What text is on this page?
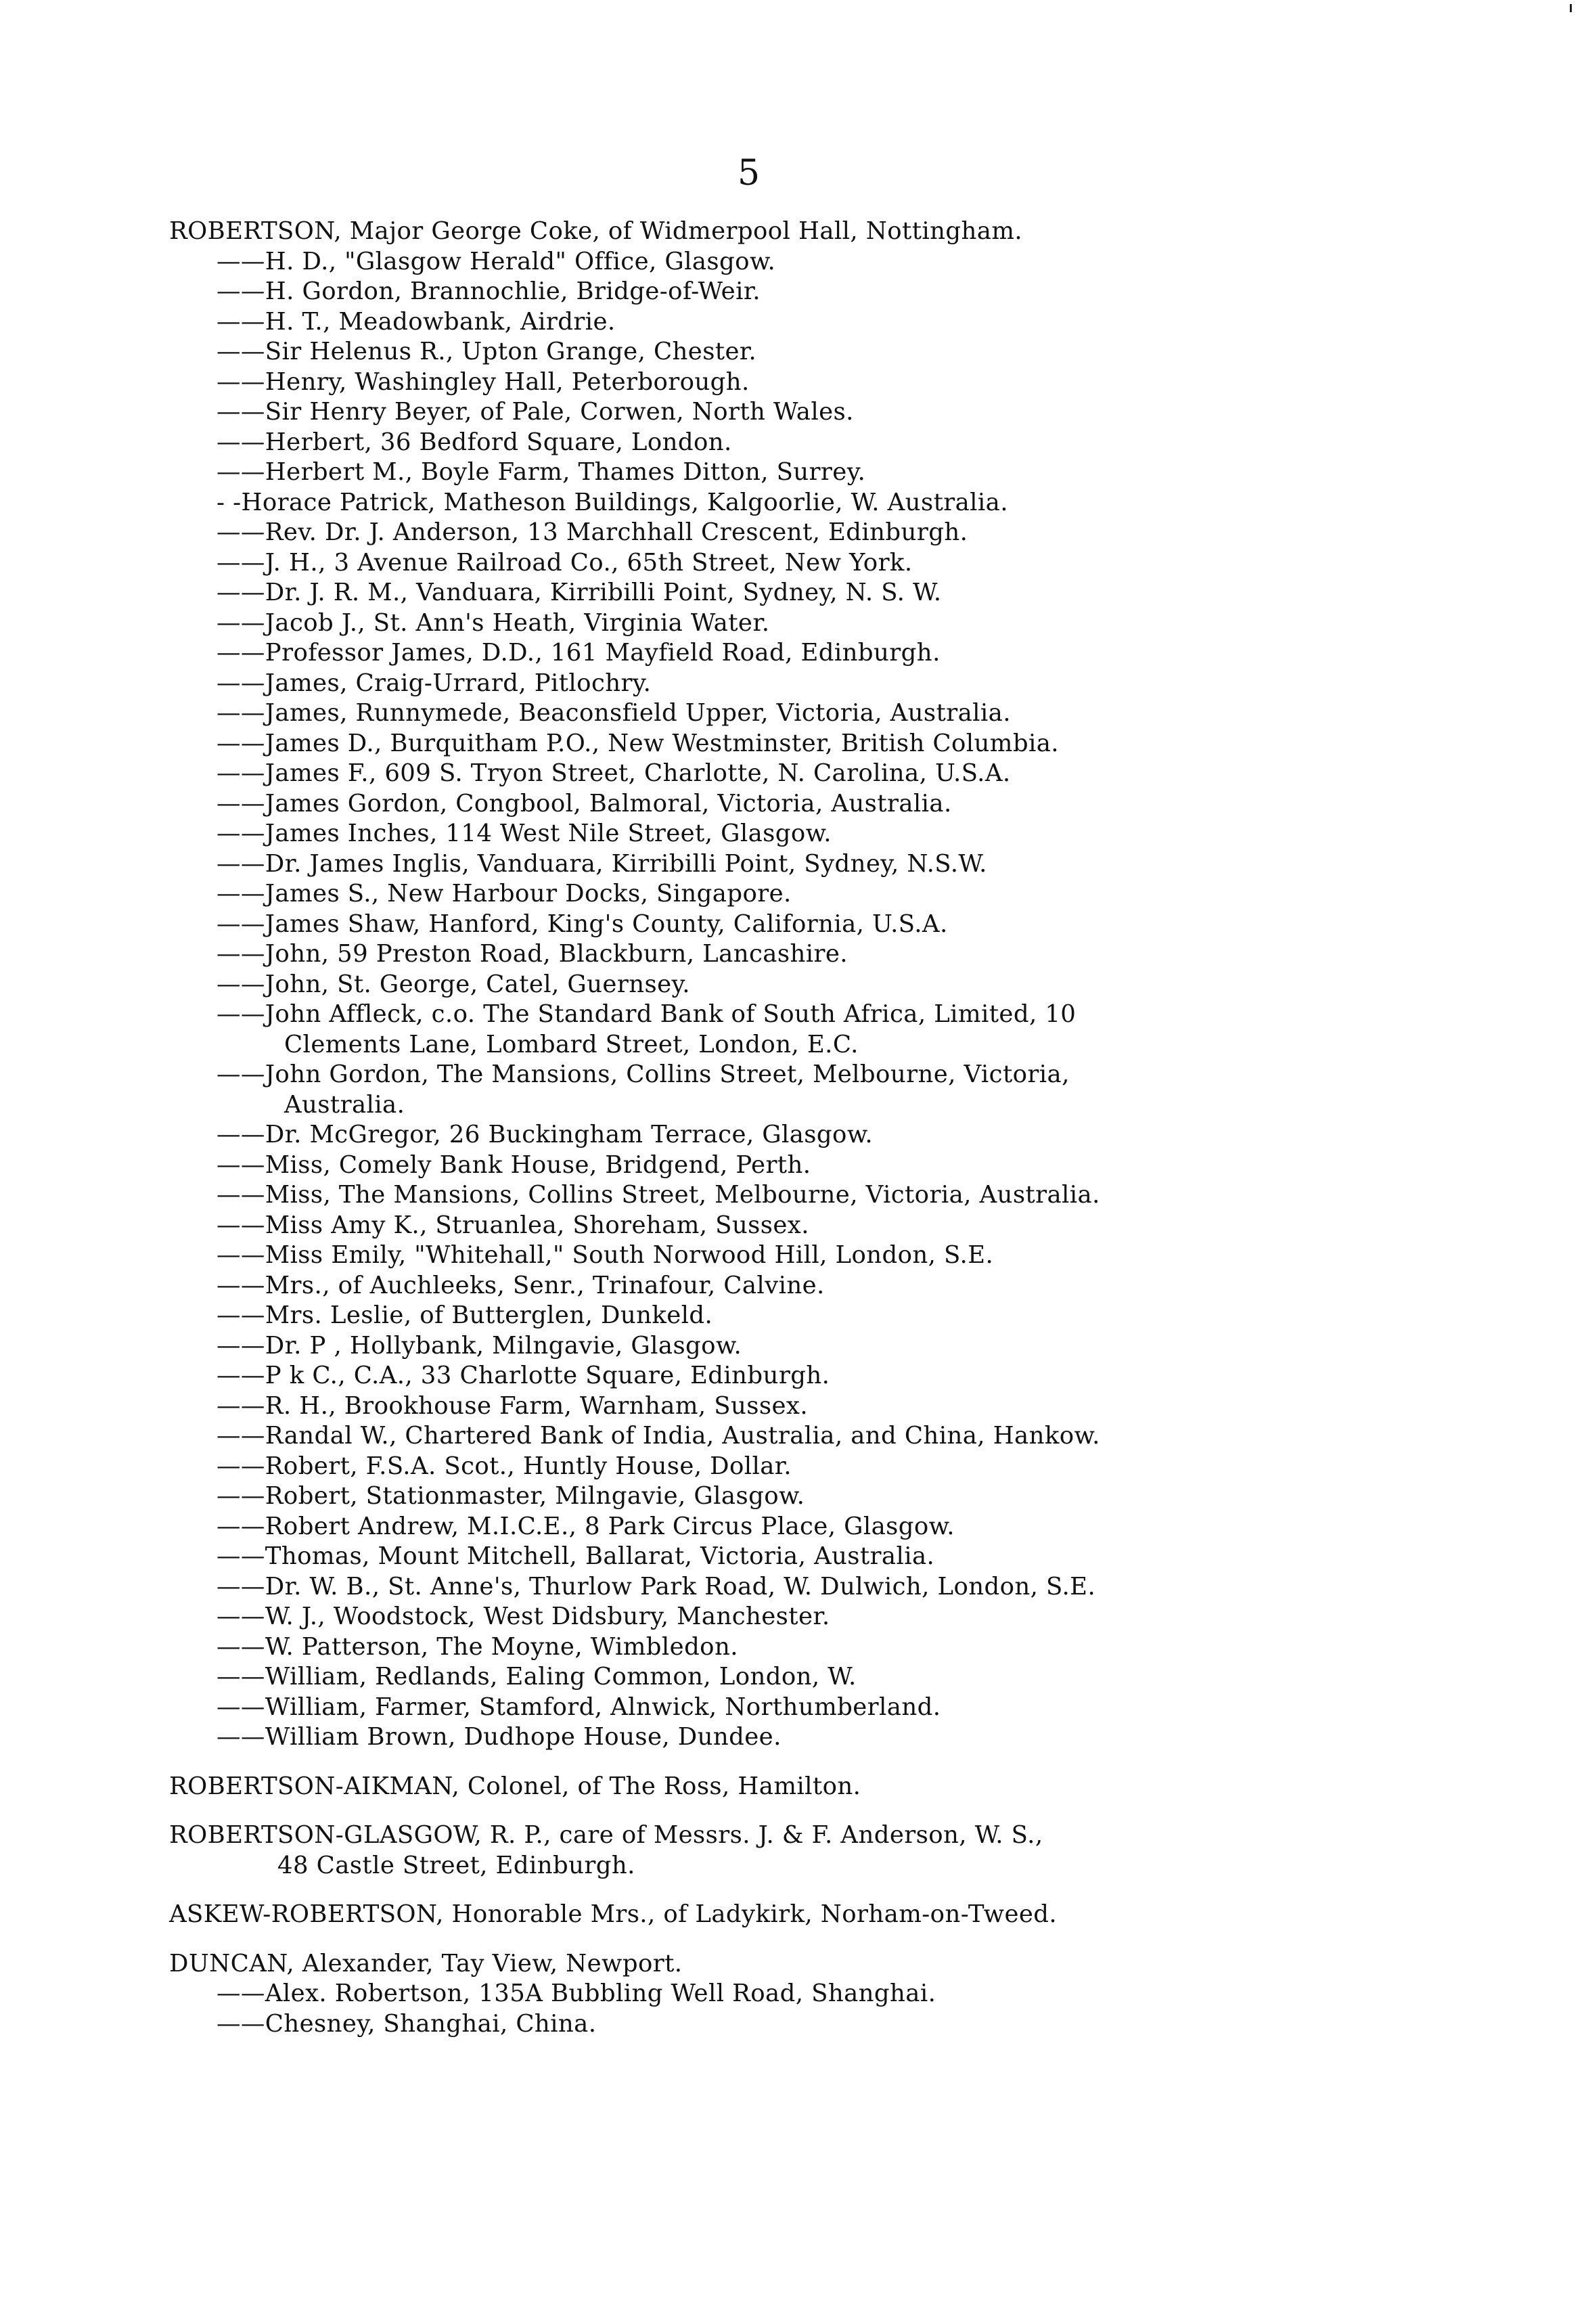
5
ROBERTSON, Major George Coke, of Widmerpool Hall, Nottingham.
——H. D., "Glasgow Herald" Office, Glasgow.
——H. Gordon, Brannochlie, Bridge-of-Weir.
——H. T., Meadowbank, Airdrie.
——Sir Helenus R., Upton Grange, Chester.
——Henry, Washingley Hall, Peterborough.
——Sir Henry Beyer, of Pale, Corwen, North Wales.
——Herbert, 36 Bedford Square, London.
——Herbert M., Boyle Farm, Thames Ditton, Surrey.
- -Horace Patrick, Matheson Buildings, Kalgoorlie, W. Australia.
——Rev. Dr. J. Anderson, 13 Marchhall Crescent, Edinburgh.
——J. H., 3 Avenue Railroad Co., 65th Street, New York.
——Dr. J. R. M., Vanduara, Kirribilli Point, Sydney, N. S. W.
——Jacob J., St. Ann's Heath, Virginia Water.
——Professor James, D.D., 161 Mayfield Road, Edinburgh.
——James, Craig-Urrard, Pitlochry.
——James, Runnymede, Beaconsfield Upper, Victoria, Australia.
——James D., Burquitham P.O., New Westminster, British Columbia.
——James F., 609 S. Tryon Street, Charlotte, N. Carolina, U.S.A.
——James Gordon, Congbool, Balmoral, Victoria, Australia.
——James Inches, 114 West Nile Street, Glasgow.
——Dr. James Inglis, Vanduara, Kirribilli Point, Sydney, N.S.W.
——James S., New Harbour Docks, Singapore.
——James Shaw, Hanford, King's County, California, U.S.A.
——John, 59 Preston Road, Blackburn, Lancashire.
——John, St. George, Catel, Guernsey.
——John Affleck, c.o. The Standard Bank of South Africa, Limited, 10
Clements Lane, Lombard Street, London, E.C.
——John Gordon, The Mansions, Collins Street, Melbourne, Victoria,
Australia.
——Dr. McGregor, 26 Buckingham Terrace, Glasgow.
——Miss, Comely Bank House, Bridgend, Perth.
——Miss, The Mansions, Collins Street, Melbourne, Victoria, Australia.
——Miss Amy K., Struanlea, Shoreham, Sussex.
——Miss Emily, "Whitehall," South Norwood Hill, London, S.E.
——Mrs., of Auchleeks, Senr., Trinafour, Calvine.
——Mrs. Leslie, of Butterglen, Dunkeld.
——Dr. P , Hollybank, Milngavie, Glasgow.
——P k C., C.A., 33 Charlotte Square, Edinburgh.
——R. H., Brookhouse Farm, Warnham, Sussex.
——Randal W., Chartered Bank of India, Australia, and China, Hankow.
——Robert, F.S.A. Scot., Huntly House, Dollar.
——Robert, Stationmaster, Milngavie, Glasgow.
——Robert Andrew, M.I.C.E., 8 Park Circus Place, Glasgow.
——Thomas, Mount Mitchell, Ballarat, Victoria, Australia.
——Dr. W. B., St. Anne's, Thurlow Park Road, W. Dulwich, London, S.E.
——W. J., Woodstock, West Didsbury, Manchester.
——W. Patterson, The Moyne, Wimbledon.
——William, Redlands, Ealing Common, London, W.
——William, Farmer, Stamford, Alnwick, Northumberland.
——William Brown, Dudhope House, Dundee.
ROBERTSON-AIKMAN, Colonel, of The Ross, Hamilton.
ROBERTSON-GLASGOW, R. P., care of Messrs. J. & F. Anderson, W. S.,
48 Castle Street, Edinburgh.
ASKEW-ROBERTSON, Honorable Mrs., of Ladykirk, Norham-on-Tweed.
DUNCAN, Alexander, Tay View, Newport.
——Alex. Robertson, 135A Bubbling Well Road, Shanghai.
——Chesney, Shanghai, China.
